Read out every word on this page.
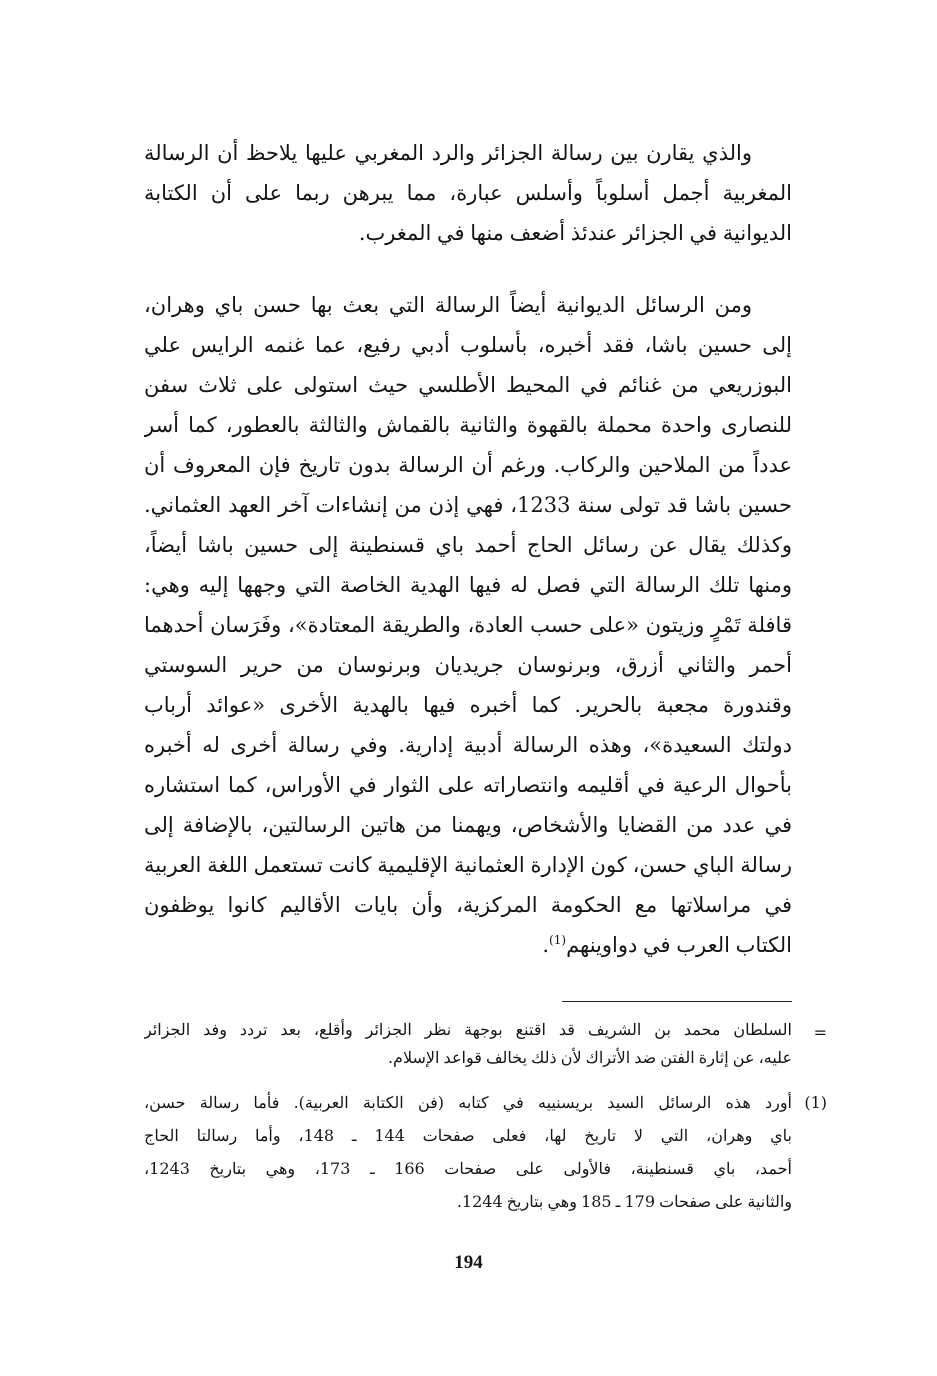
والذي يقارن بين رسالة الجزائر والرد المغربي عليها يلاحظ أن الرسالة
المغربية أجمل أسلوباً وأسلس عبارة، مما يبرهن ربما على أن الكتابة
الديوانية في الجزائر عندئذ أضعف منها في المغرب.
ومن الرسائل الديوانية أيضاً الرسالة التي بعث بها حسن باي وهران،
إلى حسين باشا، فقد أخبره، بأسلوب أدبي رفيع، عما غنمه الرايس علي
البوزريعي من غنائم في المحيط الأطلسي حيث استولى على ثلاث سفن
للنصارى واحدة محملة بالقهوة والثانية بالقماش والثالثة بالعطور، كما أسر
عدداً من الملاحين والركاب. ورغم أن الرسالة بدون تاريخ فإن المعروف أن
حسين باشا قد تولى سنة 1233، فهي إذن من إنشاءات آخر العهد العثماني.
وكذلك يقال عن رسائل الحاج أحمد باي قسنطينة إلى حسين باشا أيضاً،
ومنها تلك الرسالة التي فصل له فيها الهدية الخاصة التي وجهها إليه وهي:
قافلة تَمْرٍ وزيتون «على حسب العادة، والطريقة المعتادة»، وفَرَسان أحدهما
أحمر والثاني أزرق، وبرنوسان جريديان وبرنوسان من حرير السوستي
وقندورة مجعبة بالحرير. كما أخبره فيها بالهدية الأخرى «عوائد أرباب
دولتك السعيدة»، وهذه الرسالة أدبية إدارية. وفي رسالة أخرى له أخبره
بأحوال الرعية في أقليمه وانتصاراته على الثوار في الأوراس، كما استشاره
في عدد من القضايا والأشخاص، ويهمنا من هاتين الرسالتين، بالإضافة إلى
رسالة الباي حسن، كون الإدارة العثمانية الإقليمية كانت تستعمل اللغة العربية
في مراسلاتها مع الحكومة المركزية، وأن بايات الأقاليم كانوا يوظفون
الكتاب العرب في دواوينهم$^{(1)}$.
=
السلطان محمد بن الشريف قد اقتنع بوجهة نظر الجزائر وأقلع، بعد تردد وفد الجزائر
عليه، عن إثارة الفتن ضد الأتراك لأن ذلك يخالف قواعد الإسلام.
(1)
أورد هذه الرسائل السيد بريسنييه في كتابه (فن الكتابة العربية). فأما رسالة حسن،
باي وهران، التي لا تاريخ لها، فعلى صفحات 144 ـ 148، وأما رسالتا الحاج
أحمد، باي قسنطينة، فالأولى على صفحات 166 ـ 173، وهي بتاريخ 1243،
والثانية على صفحات 179 ـ 185 وهي بتاريخ 1244.
194
